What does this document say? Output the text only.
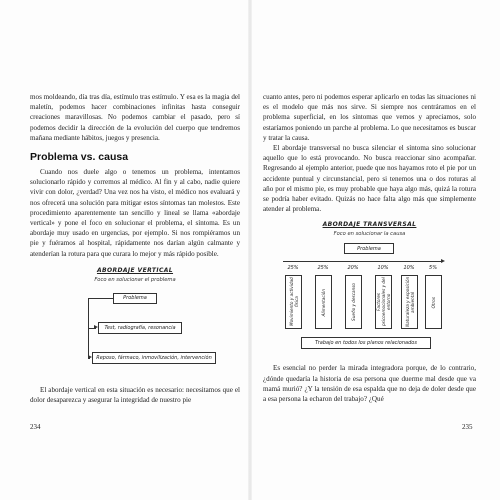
mos moldeando, día tras día, estímulo tras estímulo. Y esa es la magia del maletín, podemos hacer combinaciones infinitas hasta conseguir creaciones maravillosas. No podemos cambiar el pasado, pero sí podemos decidir la dirección de la evolución del cuerpo que tendremos mañana mediante hábitos, juegos y presencia.

Problema vs. causa

Cuando nos duele algo o tenemos un problema, intentamos solucionarlo rápido y corremos al médico. Al fin y al cabo, nadie quiere vivir con dolor, ¿verdad? Una vez nos ha visto, el médico nos evaluará y nos ofrecerá una solución para mitigar estos síntomas tan molestos. Este procedimiento aparentemente tan sencillo y lineal se llama «abordaje vertical» y pone el foco en solucionar el problema, el síntoma. Es un abordaje muy usado en urgencias, por ejemplo. Si nos rompiéramos un pie y fuéramos al hospital, rápidamente nos darían algún calmante y atenderían la rotura para que curara lo mejor y más rápido posible.

ABORDAJE VERTICAL
Foco en solucionar el problema
Problema
Test, radiografía, resonancia
Reposo, fármaco, inmovilización, intervención

El abordaje vertical en esta situación es necesario: necesitamos que el dolor desaparezca y asegurar la integridad de nuestro pie

234

cuanto antes, pero ni podemos esperar aplicarlo en todas las situaciones ni es el modelo que más nos sirve. Si siempre nos centráramos en el problema superficial, en los síntomas que vemos y apreciamos, solo estaríamos poniendo un parche al problema. Lo que necesitamos es buscar y tratar la causa.

El abordaje transversal no busca silenciar el síntoma sino solucionar aquello que lo está provocando. No busca reaccionar sino acompañar. Regresando al ejemplo anterior, puede que nos hayamos roto el pie por un accidente puntual y circunstancial, pero si tenemos una o dos roturas al año por el mismo pie, es muy probable que haya algo más, quizá la rotura se podría haber evitado. Quizás no hace falta algo más que simplemente atender al problema.

ABORDAJE TRANSVERSAL
Foco en solucionar la causa
Problema
25%	25%	20%	10%	10%	5%
Movimiento y actividad física	Alimentación	Sueño y descanso	Factores psicoemocionales y del entorno	Naturaleza y exposición ambiental	Otros
Trabajo en todos los planos relacionados

Es esencial no perder la mirada integradora porque, de lo contrario, ¿dónde quedaría la historia de esa persona que duerme mal desde que va mamá murió? ¿Y la tensión de esa espalda que no deja de doler desde que a esa persona la echaron del trabajo? ¿Qué

235
